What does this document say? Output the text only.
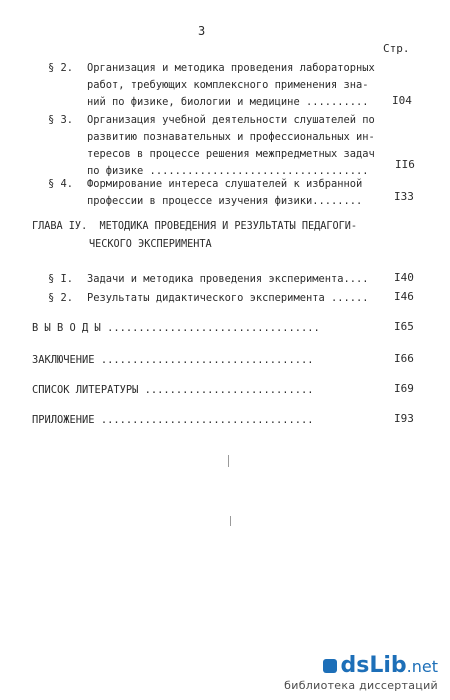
3
Стр.
§ 2. Организация и методика проведения лабораторных
работ, требующих комплексного применения зна-
ний по физике, биологии и медицине .......... I04
§ 3. Организация учебной деятельности слушателей по
развитию познавательных и профессиональных ин-
тересов в процессе решения межпредметных задач
по физике ................................... II6
§ 4. Формирование интереса слушателей к избранной
профессии в процессе изучения физики........	I33
ГЛАВА IУ.  МЕТОДИКА ПРОВЕДЕНИЯ И РЕЗУЛЬТАТЫ ПЕДАГОГИ-
ЧЕСКОГО ЭКСПЕРИМЕНТА
§ I. Задачи и методика проведения эксперимента.... I40
§ 2. Результаты дидактического эксперимента ...... I46
В Ы В О Д Ы ..................................	I65
ЗАКЛЮЧЕНИЕ ..................................	I66
СПИСОК ЛИТЕРАТУРЫ ...........................	I69
ПРИЛОЖЕНИЕ ..................................	I93
dsLib.net
библиотека диссертаций
